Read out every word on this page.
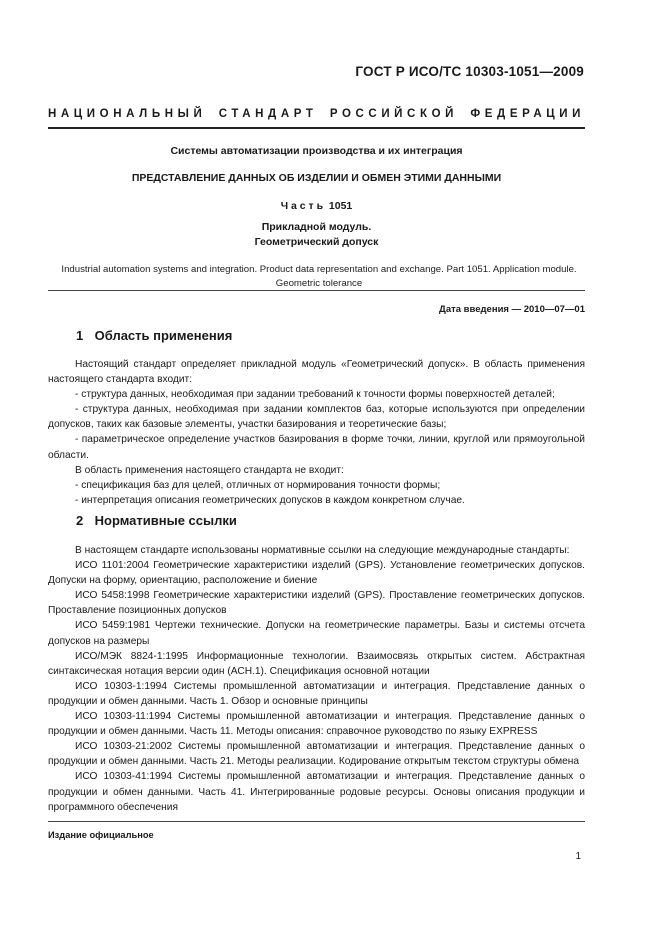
ГОСТ Р ИСО/ТС 10303-1051—2009
НАЦИОНАЛЬНЫЙ СТАНДАРТ РОССИЙСКОЙ ФЕДЕРАЦИИ
Системы автоматизации производства и их интеграция
ПРЕДСТАВЛЕНИЕ ДАННЫХ ОБ ИЗДЕЛИИ И ОБМЕН ЭТИМИ ДАННЫМИ
Ч а с т ь  1051
Прикладной модуль.
Геометрический допуск
Industrial automation systems and integration. Product data representation and exchange. Part 1051. Application module.
Geometric tolerance
Дата введения — 2010—07—01
1 Область применения

Настоящий стандарт определяет прикладной модуль «Геометрический допуск». В область применения настоящего стандарта входит:

- структура данных, необходимая при задании требований к точности формы поверхностей деталей;

- структура данных, необходимая при задании комплектов баз, которые используются при определении допусков, таких как базовые элементы, участки базирования и теоретические базы;

- параметрическое определение участков базирования в форме точки, линии, круглой или прямоугольной области.

В область применения настоящего стандарта не входит:

- спецификация баз для целей, отличных от нормирования точности формы;

- интерпретация описания геометрических допусков в каждом конкретном случае.

2 Нормативные ссылки

В настоящем стандарте использованы нормативные ссылки на следующие международные стандарты:

ИСО 1101:2004 Геометрические характеристики изделий (GPS). Установление геометрических допусков. Допуски на форму, ориентацию, расположение и биение

ИСО 5458:1998 Геометрические характеристики изделий (GPS). Проставление геометрических допусков. Проставление позиционных допусков

ИСО 5459:1981 Чертежи технические. Допуски на геометрические параметры. Базы и системы отсчета допусков на размеры

ИСО/МЭК 8824-1:1995 Информационные технологии. Взаимосвязь открытых систем. Абстрактная синтаксическая нотация версии один (АСН.1). Спецификация основной нотации

ИСО 10303-1:1994 Системы промышленной автоматизации и интеграция. Представление данных о продукции и обмен данными. Часть 1. Обзор и основные принципы

ИСО 10303-11:1994 Системы промышленной автоматизации и интеграция. Представление данных о продукции и обмен данными. Часть 11. Методы описания: справочное руководство по языку EXPRESS

ИСО 10303-21:2002 Системы промышленной автоматизации и интеграция. Представление данных о продукции и обмен данными. Часть 21. Методы реализации. Кодирование открытым текстом структуры обмена

ИСО 10303-41:1994 Системы промышленной автоматизации и интеграция. Представление данных о продукции и обмен данными. Часть 41. Интегрированные родовые ресурсы. Основы описания продукции и программного обеспечения

Издание официальное
1
